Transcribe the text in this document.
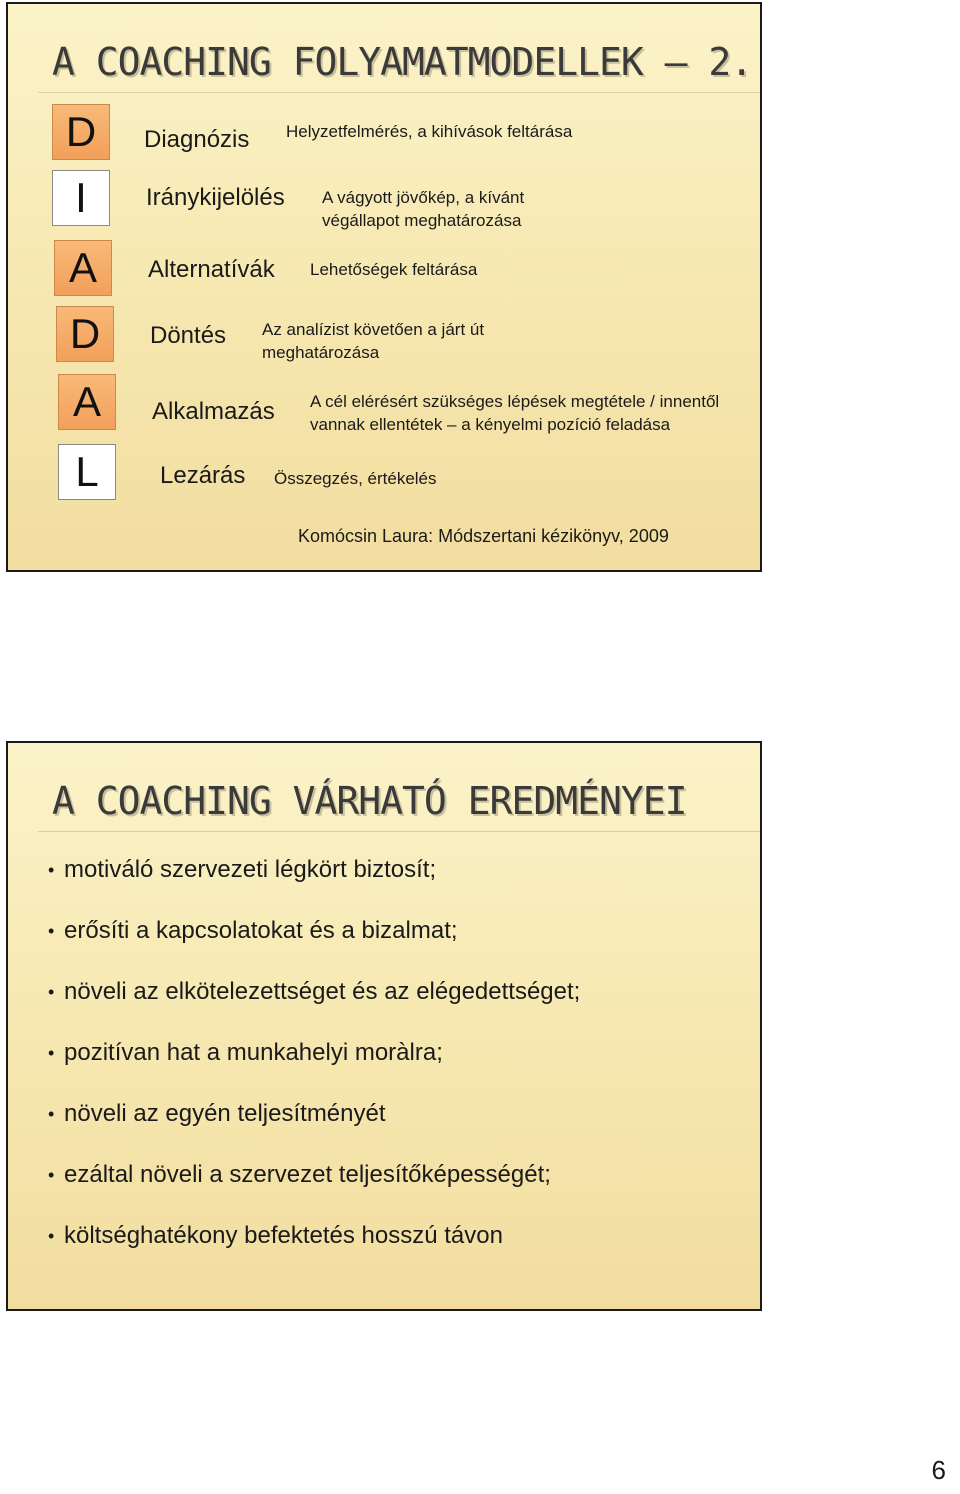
A COACHING FOLYAMATMODELLEK – 2.
D
I
A
D
A
L
Diagnózis
Iránykijelölés
Alternatívák
Döntés
Alkalmazás
Lezárás
Helyzetfelmérés, a kihívások feltárása
A vágyott jövőkép, a kívánt végállapot meghatározása
Lehetőségek feltárása
Az analízist követően a járt út meghatározása
A cél elérésért szükséges lépések megtétele / innentől vannak ellentétek – a kényelmi pozíció feladása
Összegzés, értékelés
Komócsin Laura: Módszertani kézikönyv, 2009
A COACHING VÁRHATÓ EREDMÉNYEI
• motiváló szervezeti légkört biztosít;
• erősíti a kapcsolatokat és a bizalmat;
• növeli az elkötelezettséget és az elégedettséget;
• pozitívan hat a munkahelyi moràlra;
• növeli az egyén teljesítményét
• ezáltal növeli a szervezet teljesítőképességét;
• költséghatékony befektetés hosszú távon
6
